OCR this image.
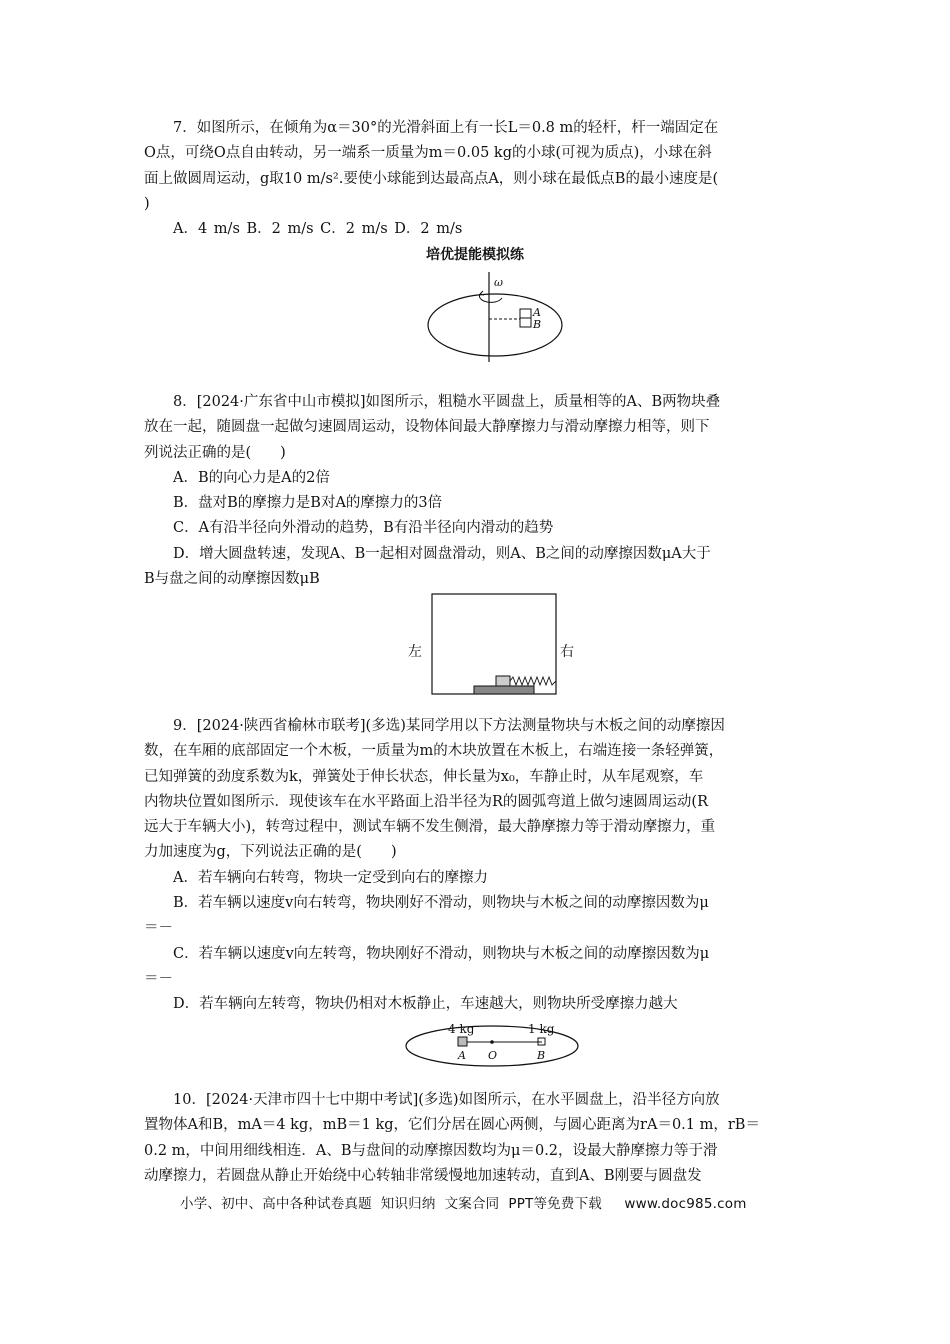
7．如图所示，在倾角为α＝30°的光滑斜面上有一长L＝0.8 m的轻杆，杆一端固定在

O点，可绕O点自由转动，另一端系一质量为m＝0.05 kg的小球(可视为质点)，小球在斜

面上做圆周运动，g取10 m/s².要使小球能到达最高点A，则小球在最低点B的最小速度是(

)

A．4 m/s B．2 m/s C．2 m/s D．2 m/s

培优提能模拟练
ω
A
B

8．[2024·广东省中山市模拟]如图所示，粗糙水平圆盘上，质量相等的A、B两物块叠

放在一起，随圆盘一起做匀速圆周运动，设物体间最大静摩擦力与滑动摩擦力相等，则下

列说法正确的是(　　)

A．B的向心力是A的2倍

B．盘对B的摩擦力是B对A的摩擦力的3倍

C．A有沿半径向外滑动的趋势，B有沿半径向内滑动的趋势

D．增大圆盘转速，发现A、B一起相对圆盘滑动，则A、B之间的动摩擦因数μA大于

B与盘之间的动摩擦因数μB

左	右

9．[2024·陕西省榆林市联考](多选)某同学用以下方法测量物块与木板之间的动摩擦因

数，在车厢的底部固定一个木板，一质量为m的木块放置在木板上，右端连接一条轻弹簧，

已知弹簧的劲度系数为k，弹簧处于伸长状态，伸长量为x₀，车静止时，从车尾观察，车

内物块位置如图所示．现使该车在水平路面上沿半径为R的圆弧弯道上做匀速圆周运动(R

远大于车辆大小)，转弯过程中，测试车辆不发生侧滑，最大静摩擦力等于滑动摩擦力，重

力加速度为g，下列说法正确的是(　　)

A．若车辆向右转弯，物块一定受到向右的摩擦力

B．若车辆以速度v向右转弯，物块刚好不滑动，则物块与木板之间的动摩擦因数为μ

＝－

C．若车辆以速度v向左转弯，物块刚好不滑动，则物块与木板之间的动摩擦因数为μ

＝－

D．若车辆向左转弯，物块仍相对木板静止，车速越大，则物块所受摩擦力越大

4 kg	1 kg
A O	B

10．[2024·天津市四十七中期中考试](多选)如图所示，在水平圆盘上，沿半径方向放

置物体A和B，mA＝4 kg，mB＝1 kg，它们分居在圆心两侧，与圆心距离为rA＝0.1 m，rB＝

0.2 m，中间用细线相连．A、B与盘间的动摩擦因数均为μ＝0.2，设最大静摩擦力等于滑

动摩擦力，若圆盘从静止开始绕中心转轴非常缓慢地加速转动，直到A、B刚要与圆盘发

小学、初中、高中各种试卷真题  知识归纳  文案合同  PPT等免费下载     www.doc985.com
